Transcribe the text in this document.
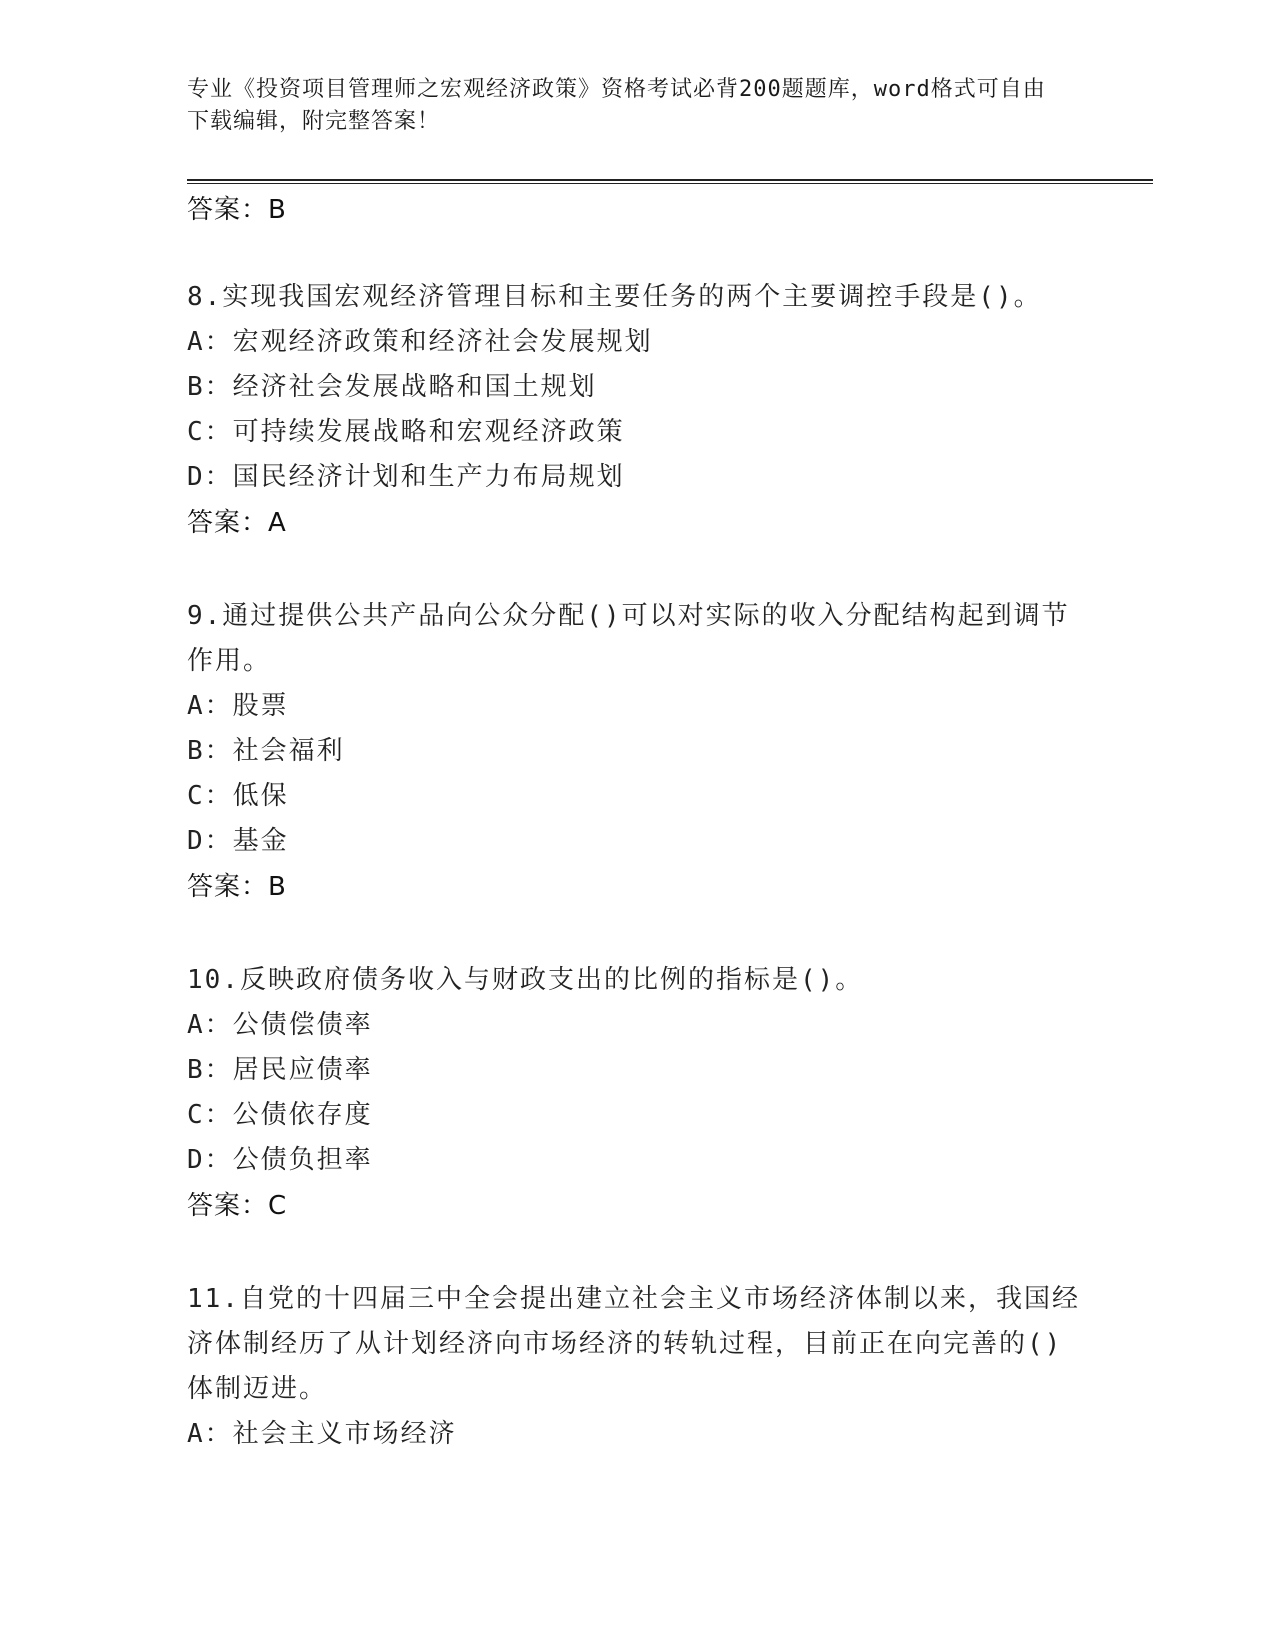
专业《投资项目管理师之宏观经济政策》资格考试必背200题题库，word格式可自由下载编辑，附完整答案！
答案：B
8.实现我国宏观经济管理目标和主要任务的两个主要调控手段是()。
A：宏观经济政策和经济社会发展规划
B：经济社会发展战略和国土规划
C：可持续发展战略和宏观经济政策
D：国民经济计划和生产力布局规划
答案：A
9.通过提供公共产品向公众分配()可以对实际的收入分配结构起到调节作用。
A：股票
B：社会福利
C：低保
D：基金
答案：B
10.反映政府债务收入与财政支出的比例的指标是()。
A：公债偿债率
B：居民应债率
C：公债依存度
D：公债负担率
答案：C
11.自党的十四届三中全会提出建立社会主义市场经济体制以来，我国经济体制经历了从计划经济向市场经济的转轨过程，目前正在向完善的()体制迈进。
A：社会主义市场经济
